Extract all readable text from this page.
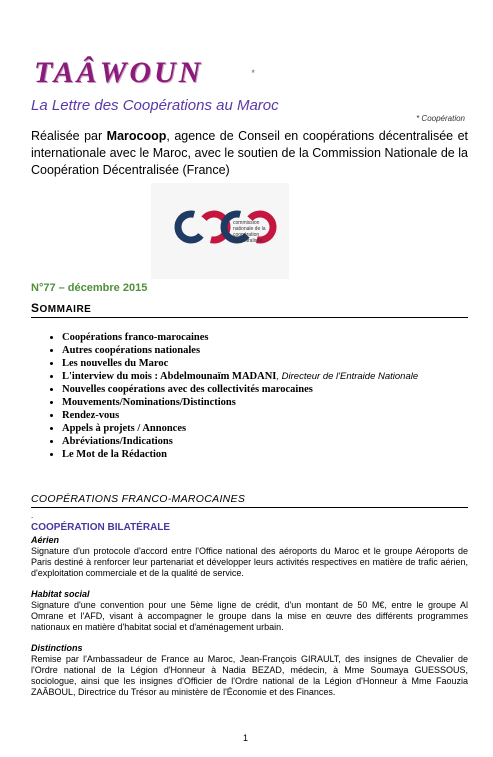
TAÂWOUN	*
La Lettre des Coopérations au Maroc
* Coopération
Réalisée par Marocoop, agence de Conseil en coopérations décentralisée et internationale avec le Maroc, avec le soutien de la Commission Nationale de la Coopération Décentralisée (France)
commission nationale de la coopération décentralisée
N°77 – décembre 2015
SOMMAIRE
• Coopérations franco-marocaines
• Autres coopérations nationales
• Les nouvelles du Maroc
• L'interview du mois : Abdelmounaïm MADANI, Directeur de l'Entraide Nationale
• Nouvelles coopérations avec des collectivités marocaines
• Mouvements/Nominations/Distinctions
• Rendez-vous
• Appels à projets / Annonces
• Abréviations/Indications
• Le Mot de la Rédaction
COOPÉRATIONS FRANCO-MAROCAINES
.
COOPÉRATION BILATÉRALE
Aérien
Signature d'un protocole d'accord entre l'Office national des aéroports du Maroc et le groupe Aéroports de Paris destiné à renforcer leur partenariat et développer leurs activités respectives en matière de trafic aérien, d'exploitation commerciale et de la qualité de service.
Habitat social
Signature d'une convention pour une 5ème ligne de crédit, d'un montant de 50 M€, entre le groupe Al Omrane et l'AFD, visant à accompagner le groupe dans la mise en œuvre des différents programmes nationaux en matière d'habitat social et d'aménagement urbain.
Distinctions
Remise par l'Ambassadeur de France au Maroc, Jean-François GIRAULT, des insignes de Chevalier de l'Ordre national de la Légion d'Honneur à Nadia BEZAD, médecin, à Mme Soumaya GUESSOUS, sociologue, ainsi que les insignes d'Officier de l'Ordre national de la Légion d'Honneur à Mme Faouzia ZAÂBOUL, Directrice du Trésor au ministère de l'Économie et des Finances.
1
